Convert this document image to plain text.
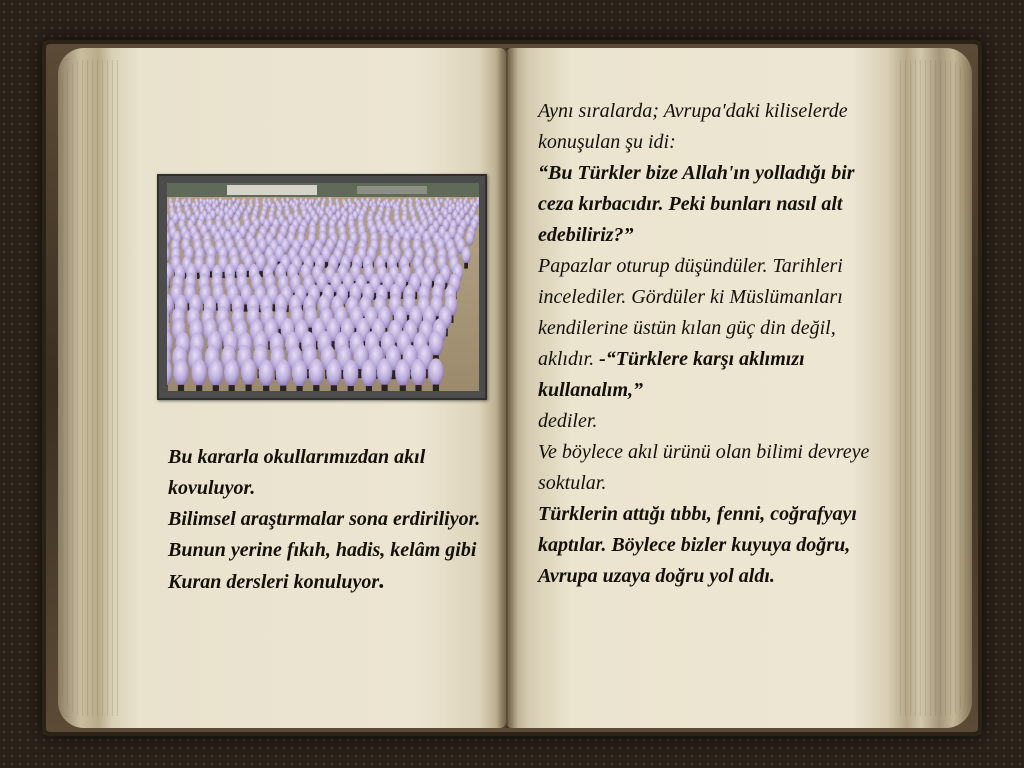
Bu kararla okullarımızdan akıl kovuluyor.

Bilimsel araştırmalar sona erdiriliyor.

Bunun yerine fıkıh, hadis, kelâm gibi Kuran dersleri konuluyor.

Aynı sıralarda; Avrupa'daki kiliselerde konuşulan şu idi:

“Bu Türkler bize Allah'ın yolladığı bir ceza kırbacıdır. Peki bunları nasıl alt edebiliriz?”

Papazlar oturup düşündüler. Tarihleri incelediler. Gördüler ki Müslümanları kendilerine üstün kılan güç din değil, aklıdır. -“Türklere karşı aklımızı kullanalım,”

dediler.

Ve böylece akıl ürünü olan bilimi devreye soktular.

Türklerin attığı tıbbı, fenni, coğrafyayı kaptılar. Böylece bizler kuyuya doğru, Avrupa uzaya doğru yol aldı.
